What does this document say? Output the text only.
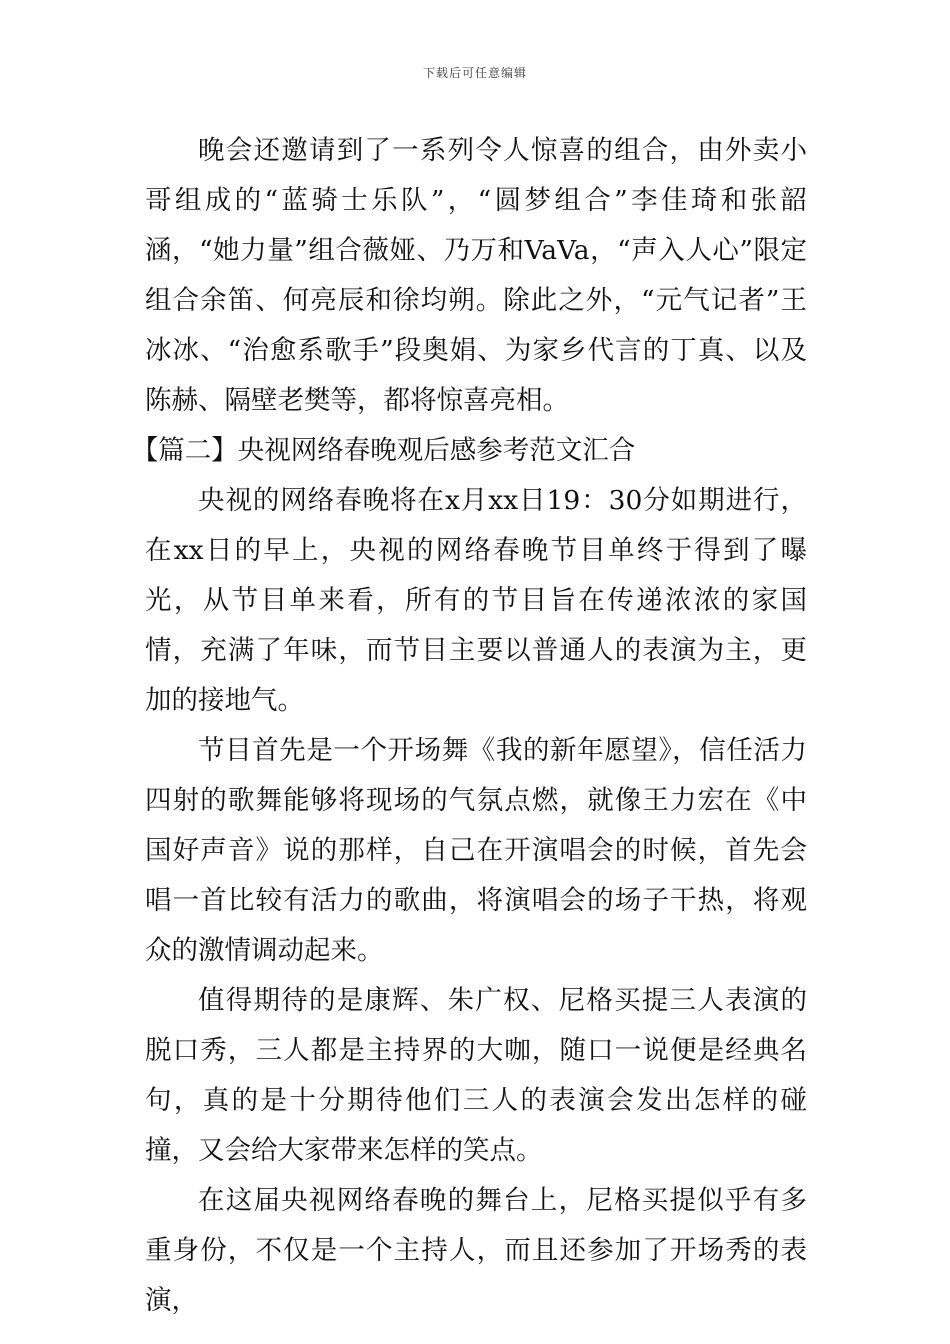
下载后可任意编辑

晚会还邀请到了一系列令人惊喜的组合，由外卖小哥组成的“蓝骑士乐队”，“圆梦组合”李佳琦和张韶涵，“她力量”组合薇娅、乃万和VaVa，“声入人心”限定组合余笛、何亮辰和徐均朔。除此之外，“元气记者”王冰冰、“治愈系歌手”段奥娟、为家乡代言的丁真、以及陈赫、隔壁老樊等，都将惊喜亮相。

【篇二】央视网络春晚观后感参考范文汇合

央视的网络春晚将在x月xx日19：30分如期进行，在xx日的早上，央视的网络春晚节目单终于得到了曝光，从节目单来看，所有的节目旨在传递浓浓的家国情，充满了年味，而节目主要以普通人的表演为主，更加的接地气。

节目首先是一个开场舞《我的新年愿望》，信任活力四射的歌舞能够将现场的气氛点燃，就像王力宏在《中国好声音》说的那样，自己在开演唱会的时候，首先会唱一首比较有活力的歌曲，将演唱会的场子干热，将观众的激情调动起来。

值得期待的是康辉、朱广权、尼格买提三人表演的脱口秀，三人都是主持界的大咖，随口一说便是经典名句，真的是十分期待他们三人的表演会发出怎样的碰撞，又会给大家带来怎样的笑点。

在这届央视网络春晚的舞台上，尼格买提似乎有多重身份，不仅是一个主持人，而且还参加了开场秀的表演，
